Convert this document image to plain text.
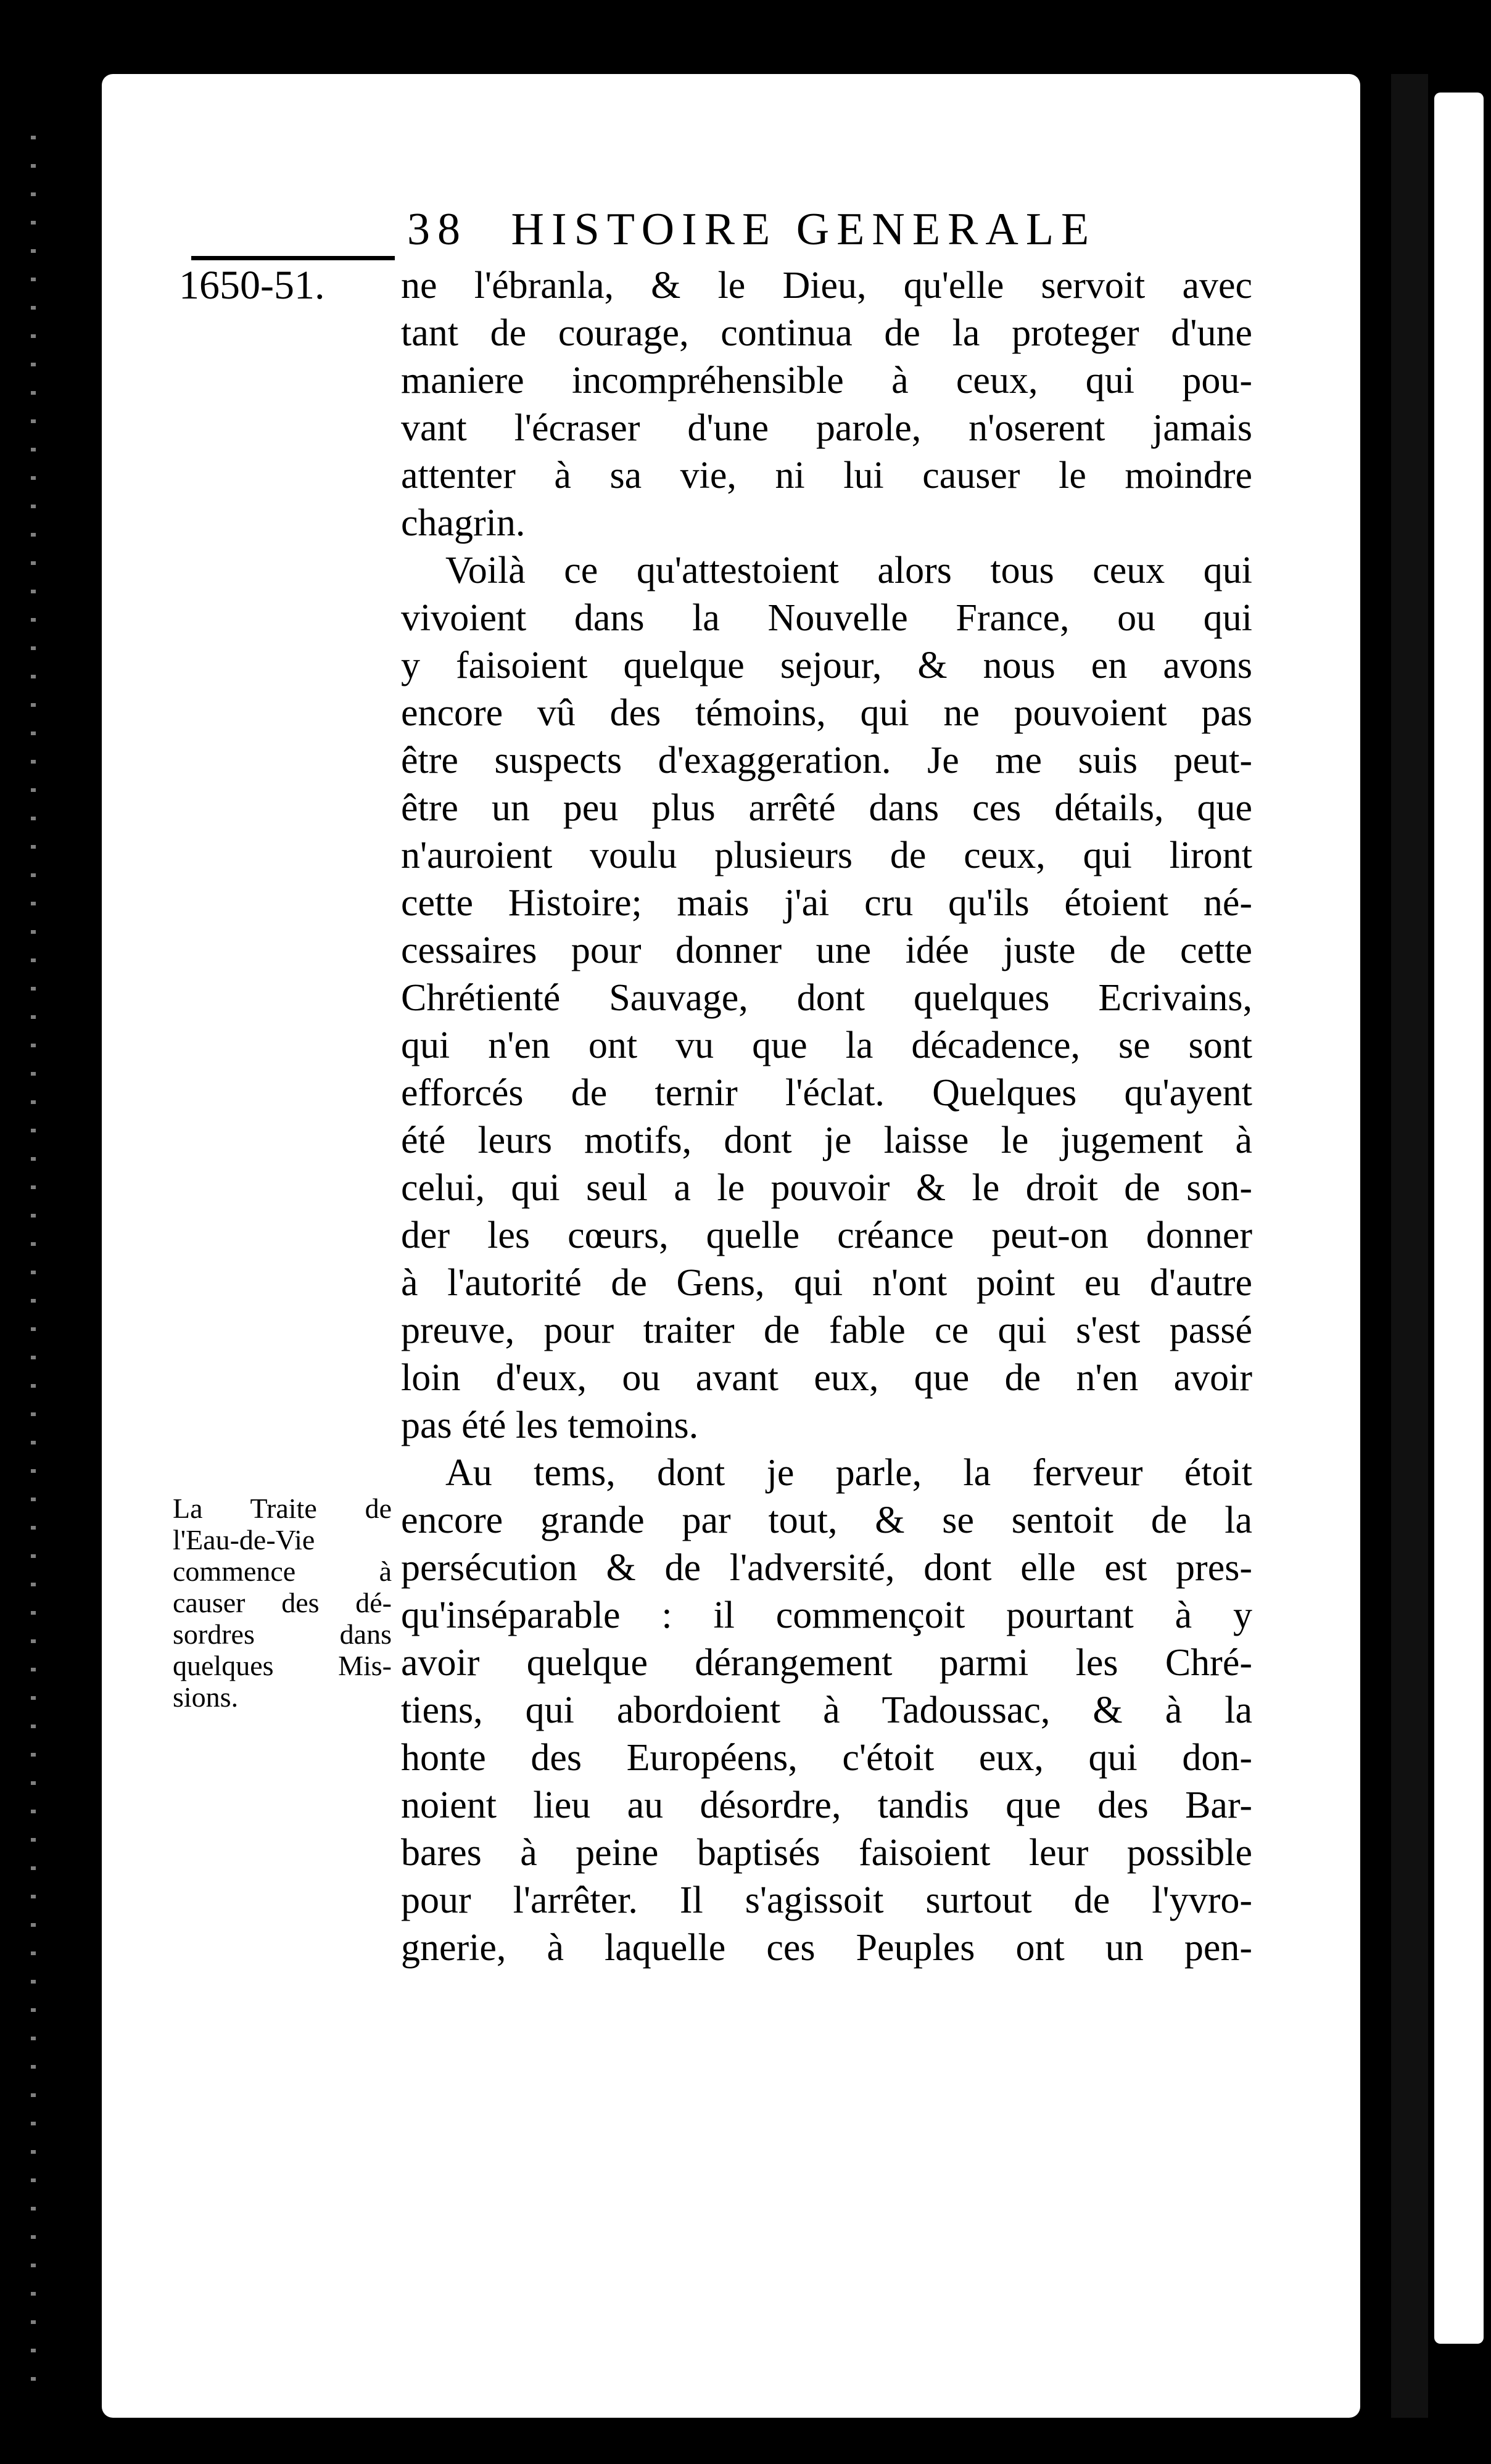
38 HISTOIRE GENERALE
1650-51. ne l'ébranla, & le Dieu, qu'elle servoit avec
tant de courage, continua de la proteger d'une
maniere incompréhensible à ceux, qui pou-
vant l'écraser d'une parole, n'oserent jamais
attenter à sa vie, ni lui causer le moindre
chagrin.
Voilà ce qu'attestoient alors tous ceux qui
vivoient dans la Nouvelle France, ou qui
y faisoient quelque sejour, & nous en avons
encore vû des témoins, qui ne pouvoient pas
être suspects d'exaggeration. Je me suis peut-
être un peu plus arrêté dans ces détails, que
n'auroient voulu plusieurs de ceux, qui liront
cette Histoire; mais j'ai cru qu'ils étoient né-
cessaires pour donner une idée juste de cette
Chrétienté Sauvage, dont quelques Ecrivains,
qui n'en ont vu que la décadence, se sont
efforcés de ternir l'éclat. Quelques qu'ayent
été leurs motifs, dont je laisse le jugement à
celui, qui seul a le pouvoir & le droit de son-
der les cœurs, quelle créance peut-on donner
à l'autorité de Gens, qui n'ont point eu d'autre
preuve, pour traiter de fable ce qui s'est passé
loin d'eux, ou avant eux, que de n'en avoir
pas été les temoins.
Au tems, dont je parle, la ferveur étoit
encore grande par tout, & se sentoit de la
persécution & de l'adversité, dont elle est pres-
qu'inséparable : il commençoit pourtant à y
avoir quelque dérangement parmi les Chré-
tiens, qui abordoient à Tadoussac, & à la
honte des Européens, c'étoit eux, qui don-
noient lieu au désordre, tandis que des Bar-
bares à peine baptisés faisoient leur possible
pour l'arrêter. Il s'agissoit surtout de l'yvro-
gnerie, à laquelle ces Peuples ont un pen-
La Traite de
l'Eau-de-Vie
commence à
causer des dé-
sordres dans
quelques Mis-
sions.
